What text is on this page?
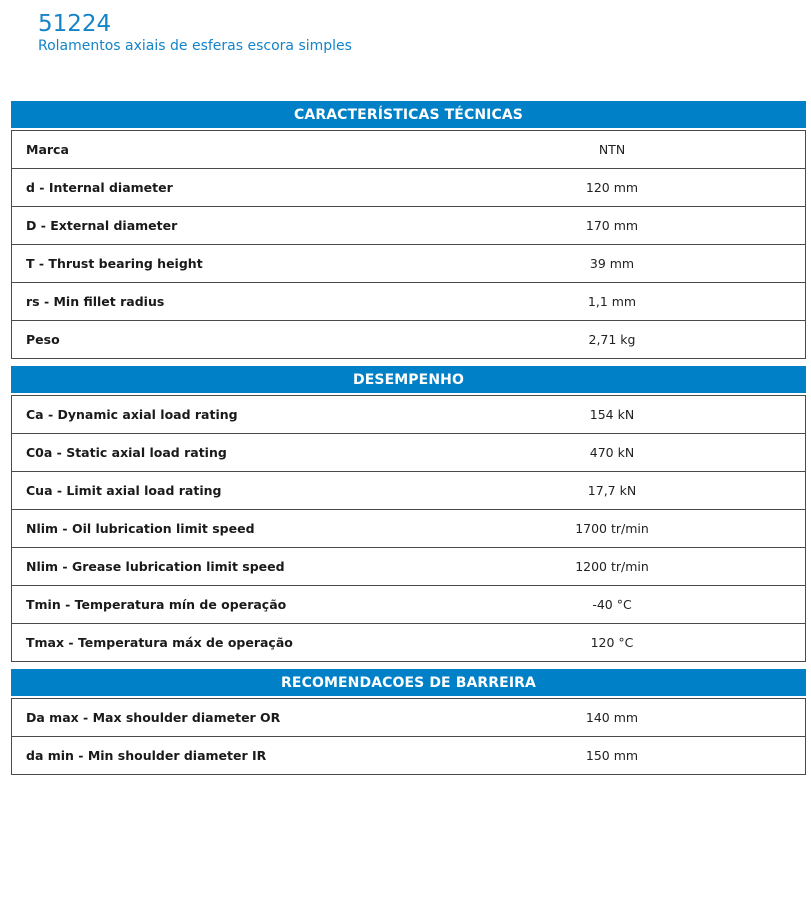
51224
Rolamentos axiais de esferas escora simples
CARACTERÍSTICAS TÉCNICAS
Marca	NTN
d - Internal diameter	120 mm
D - External diameter	170 mm
T - Thrust bearing height	39 mm
rs - Min fillet radius	1,1 mm
Peso	2,71 kg
DESEMPENHO
Ca - Dynamic axial load rating	154 kN
C0a - Static axial load rating	470 kN
Cua - Limit axial load rating	17,7 kN
Nlim - Oil lubrication limit speed	1700 tr/min
Nlim - Grease lubrication limit speed	1200 tr/min
Tmin - Temperatura mín de operação	-40 °C
Tmax - Temperatura máx de operação	120 °C
RECOMENDACOES DE BARREIRA
Da max - Max shoulder diameter OR	140 mm
da min - Min shoulder diameter IR	150 mm
